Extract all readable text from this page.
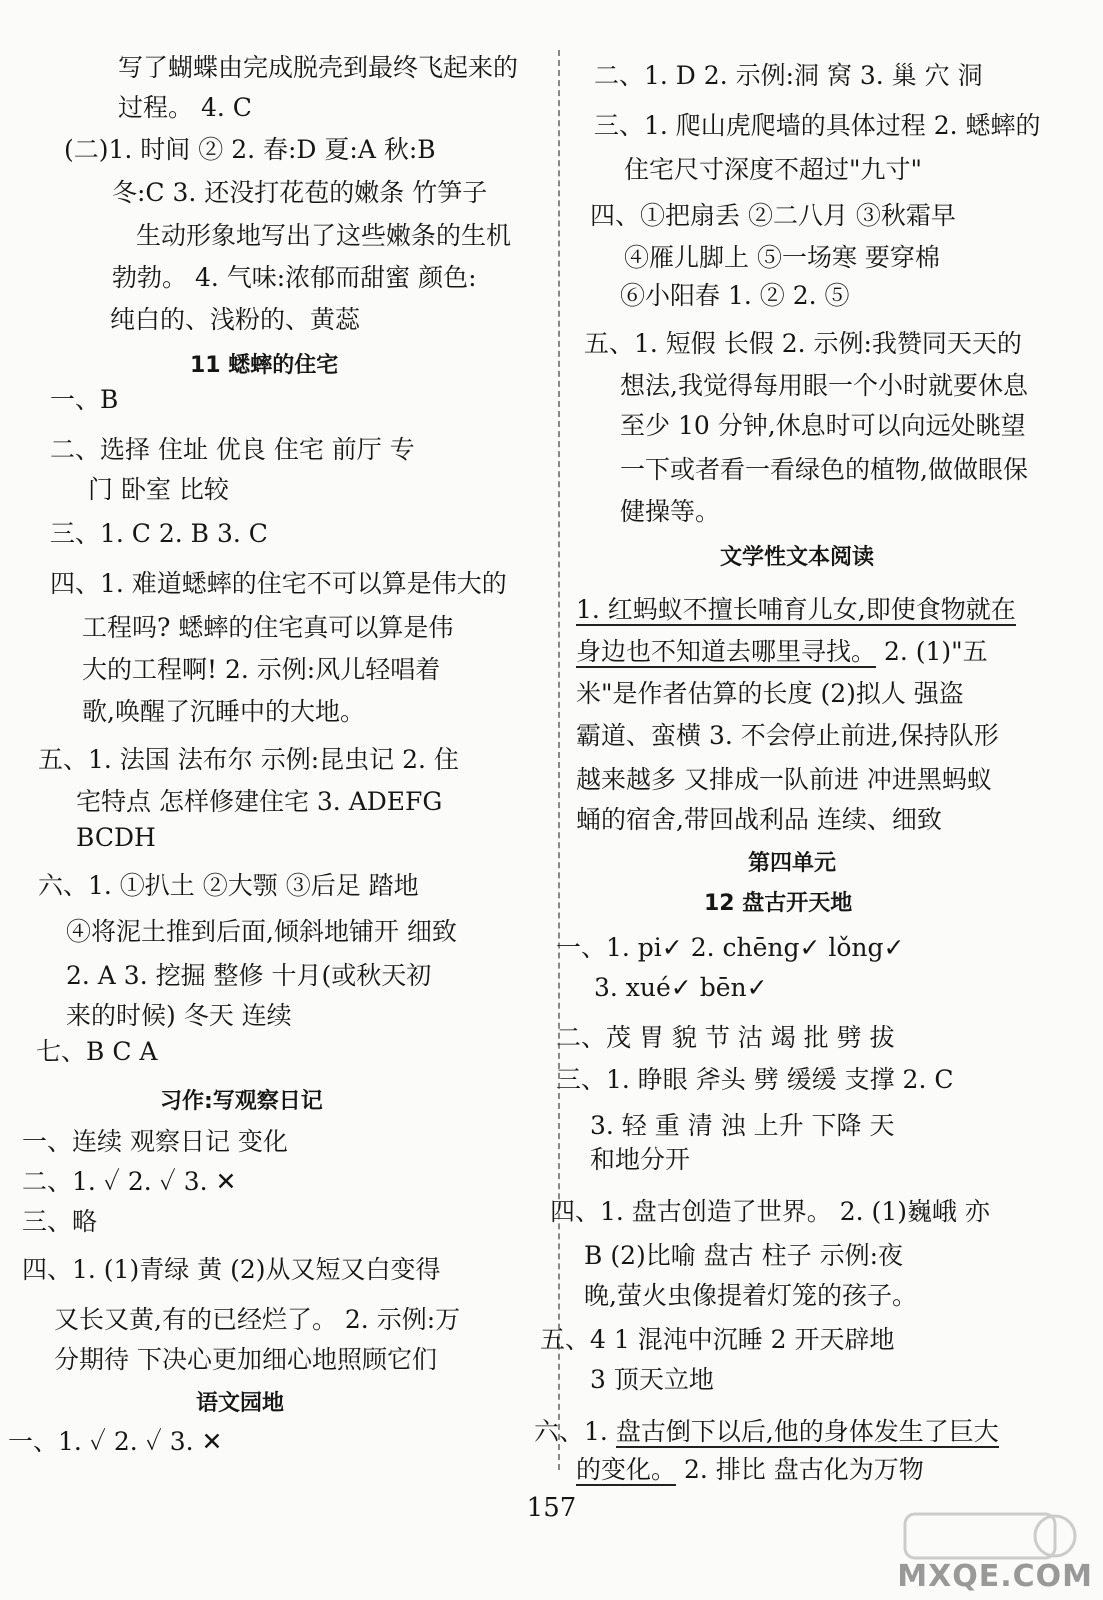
写了蝴蝶由完成脱壳到最终飞起来的
过程。 4. C
(二)1. 时间 ② 2. 春:D 夏:A 秋:B
冬:C 3. 还没打花苞的嫩条 竹笋子
生动形象地写出了这些嫩条的生机
勃勃。 4. 气味:浓郁而甜蜜 颜色:
纯白的、浅粉的、黄蕊
11 蟋蟀的住宅
一、B
二、选择 住址 优良 住宅 前厅 专
门 卧室 比较
三、1. C 2. B 3. C
四、1. 难道蟋蟀的住宅不可以算是伟大的
工程吗? 蟋蟀的住宅真可以算是伟
大的工程啊! 2. 示例:风儿轻唱着
歌,唤醒了沉睡中的大地。
五、1. 法国 法布尔 示例:昆虫记 2. 住
宅特点 怎样修建住宅 3. ADEFG
BCDH
六、1. ①扒土 ②大颚 ③后足 踏地
④将泥土推到后面,倾斜地铺开 细致
2. A 3. 挖掘 整修 十月(或秋天初
来的时候) 冬天 连续
七、B C A
习作:写观察日记
一、连续 观察日记 变化
二、1. ✓ 2. ✓ 3. ✕
三、略
四、1. (1)青绿 黄 (2)从又短又白变得
又长又黄,有的已经烂了。 2. 示例:万
分期待 下决心更加细心地照顾它们
语文园地
一、1. ✓ 2. ✓ 3. ✕
二、1. D 2. 示例:洞 窝 3. 巢 穴 洞
三、1. 爬山虎爬墙的具体过程 2. 蟋蟀的
住宅尺寸深度不超过"九寸"
四、①把扇丢 ②二八月 ③秋霜早
④雁儿脚上 ⑤一场寒 要穿棉
⑥小阳春 1. ② 2. ⑤
五、1. 短假 长假 2. 示例:我赞同天天的
想法,我觉得每用眼一个小时就要休息
至少 10 分钟,休息时可以向远处眺望
一下或者看一看绿色的植物,做做眼保
健操等。
文学性文本阅读
1. 红蚂蚁不擅长哺育儿女,即使食物就在
身边也不知道去哪里寻找。 2. (1)"五
米"是作者估算的长度 (2)拟人 强盗
霸道、蛮横 3. 不会停止前进,保持队形
越来越多 又排成一队前进 冲进黑蚂蚁
蛹的宿舍,带回战利品 连续、细致
第四单元
12 盘古开天地
一、1. pi✓ 2. chēng✓ lǒng✓
3. xué✓ bēn✓
二、茂 胃 貌 节 沽 竭 批 劈 拔
三、1. 睁眼 斧头 劈 缓缓 支撑 2. C
3. 轻 重 清 浊 上升 下降 天
和地分开
四、1. 盘古创造了世界。 2. (1)巍峨 亦
B (2)比喻 盘古 柱子 示例:夜
晚,萤火虫像提着灯笼的孩子。
五、4 1 混沌中沉睡 2 开天辟地
3 顶天立地
六、1. 盘古倒下以后,他的身体发生了巨大
的变化。 2. 排比 盘古化为万物
157
MXQE.COM
